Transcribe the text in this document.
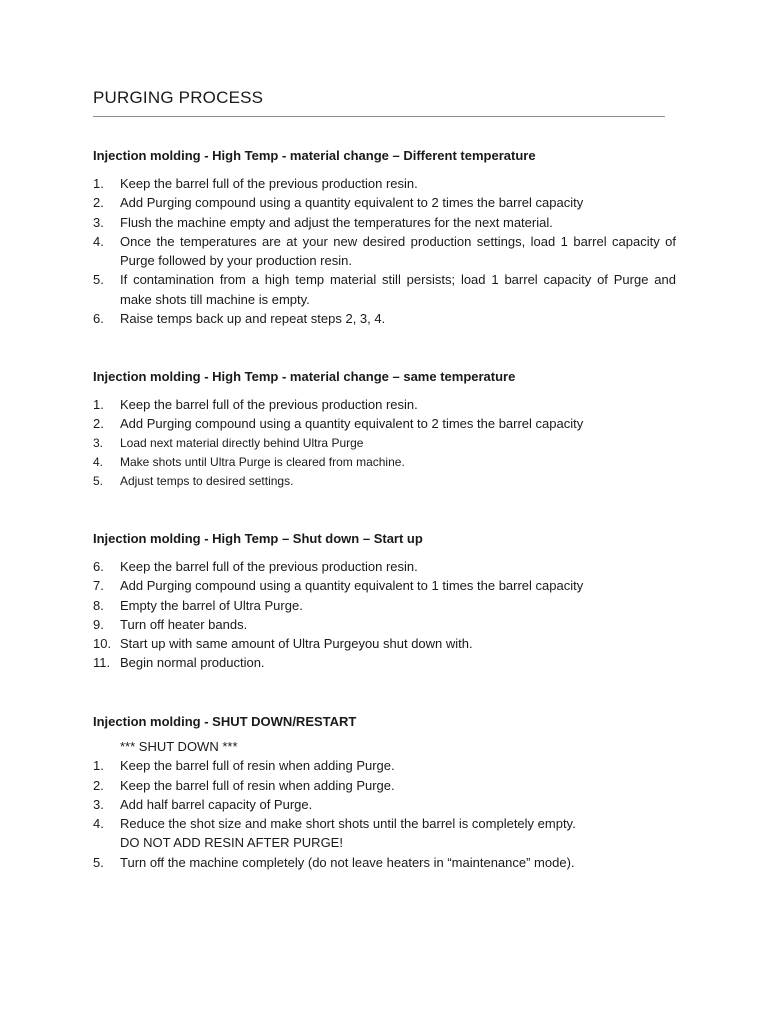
PURGING PROCESS
Injection molding - High Temp - material change – Different temperature
1.	Keep the barrel full of the previous production resin.
2.	Add Purging compound using a quantity equivalent to 2 times the barrel capacity
3.	Flush the machine empty and adjust the temperatures for the next material.
4.	Once the temperatures are at your new desired production settings, load 1 barrel capacity of Purge followed by your production resin.
5.	If contamination from a high temp material still persists; load 1 barrel capacity of Purge and make shots till machine is empty.
6.	Raise temps back up and repeat steps 2, 3, 4.
Injection molding - High Temp - material change – same temperature
1.	Keep the barrel full of the previous production resin.
2.	Add Purging compound using a quantity equivalent to 2 times the barrel capacity
3.	Load next material directly behind Ultra Purge
4.	Make shots until Ultra Purge is cleared from machine.
5.	Adjust temps to desired settings.
Injection molding - High Temp – Shut down – Start up
6.	Keep the barrel full of the previous production resin.
7.	Add Purging compound using a quantity equivalent to 1 times the barrel capacity
8.	Empty the barrel of Ultra Purge.
9.	Turn off heater bands.
10. Start up with same amount of Ultra Purgeyou shut down with.
11. Begin normal production.
Injection molding - SHUT DOWN/RESTART
*** SHUT DOWN ***
1.	Keep the barrel full of resin when adding Purge.
2.	Keep the barrel full of resin when adding Purge.
3.	Add half barrel capacity of Purge.
4.	Reduce the shot size and make short shots until the barrel is completely empty.
DO NOT ADD RESIN AFTER PURGE!
5.	Turn off the machine completely (do not leave heaters in “maintenance” mode).
